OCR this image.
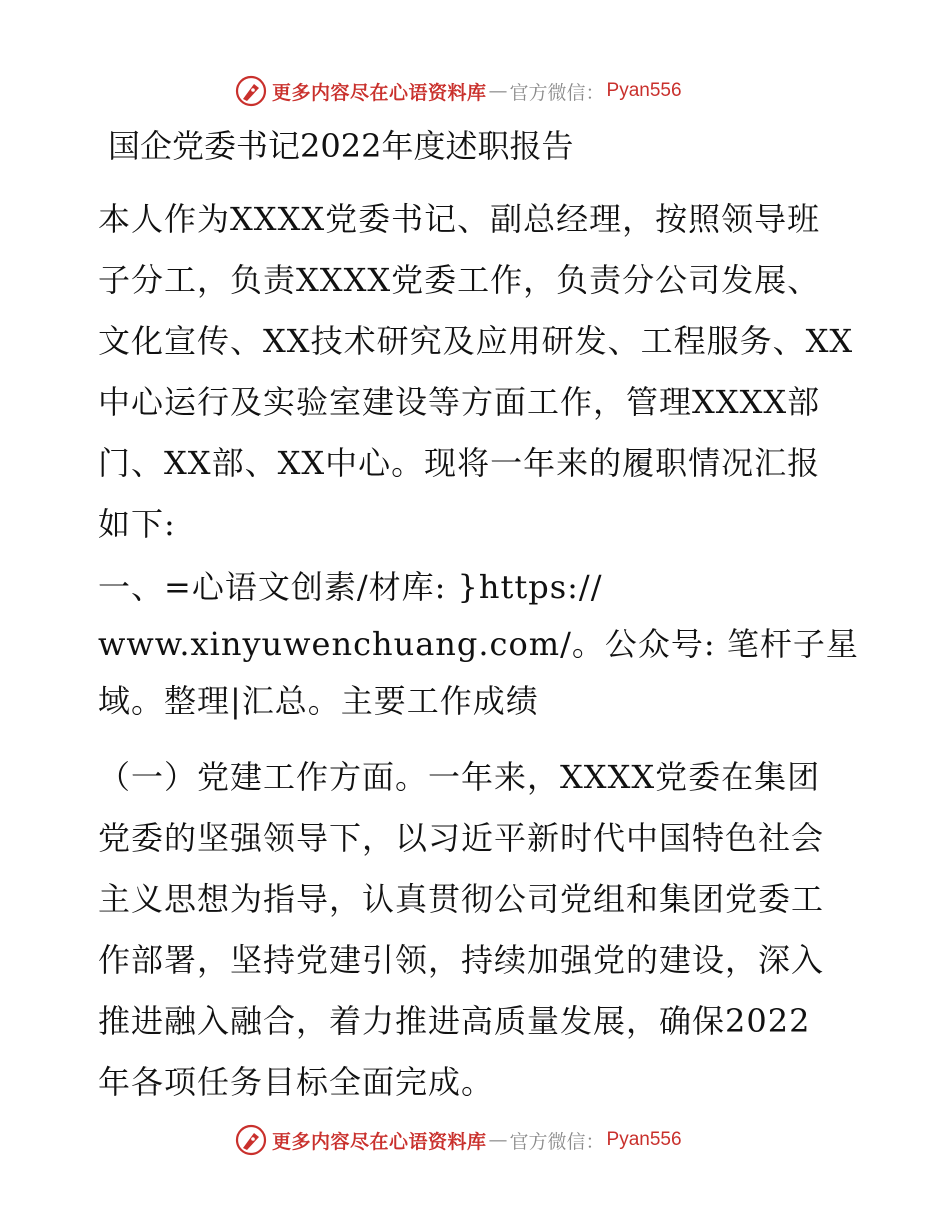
更多内容尽在心语资料库 — 官方微信： Pyan556
国企党委书记2022年度述职报告
本人作为XXXX党委书记、副总经理，按照领导班
子分工，负责XXXX党委工作，负责分公司发展、
文化宣传、XX技术研究及应用研发、工程服务、XX
中心运行及实验室建设等方面工作，管理XXXX部
门、XX部、XX中心。现将一年来的履职情况汇报
如下:
一、=心语文创素/材库: }https://
www.xinyuwenchuang.com/。公众号: 笔杆子星
域。整理|汇总。主要工作成绩
（一）党建工作方面。一年来，XXXX党委在集团
党委的坚强领导下，以习近平新时代中国特色社会
主义思想为指导，认真贯彻公司党组和集团党委工
作部署，坚持党建引领，持续加强党的建设，深入
推进融入融合，着力推进高质量发展，确保2022
年各项任务目标全面完成。
更多内容尽在心语资料库 — 官方微信： Pyan556
